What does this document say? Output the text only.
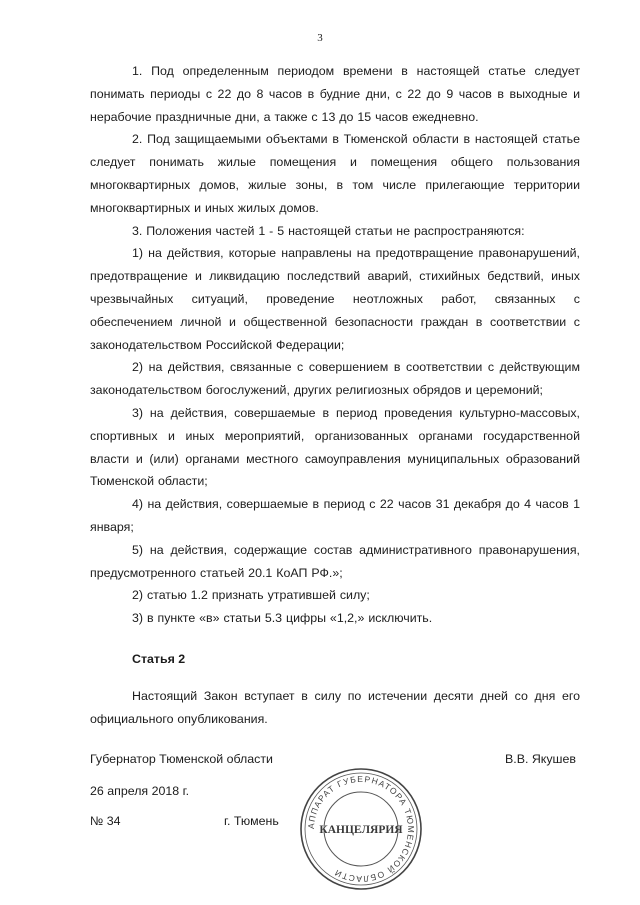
3

1. Под определенным периодом времени в настоящей статье следует понимать периоды с 22 до 8 часов в будние дни, с 22 до 9 часов в выходные и нерабочие праздничные дни, а также с 13 до 15 часов ежедневно.

2. Под защищаемыми объектами в Тюменской области в настоящей статье следует понимать жилые помещения и помещения общего пользования многоквартирных домов, жилые зоны, в том числе прилегающие территории многоквартирных и иных жилых домов.

3. Положения частей 1 - 5 настоящей статьи не распространяются:

1) на действия, которые направлены на предотвращение правонарушений, предотвращение и ликвидацию последствий аварий, стихийных бедствий, иных чрезвычайных ситуаций, проведение неотложных работ, связанных с обеспечением личной и общественной безопасности граждан в соответствии с законодательством Российской Федерации;

2) на действия, связанные с совершением в соответствии с действующим законодательством богослужений, других религиозных обрядов и церемоний;

3) на действия, совершаемые в период проведения культурно-массовых, спортивных и иных мероприятий, организованных органами государственной власти и (или) органами местного самоуправления муниципальных образований Тюменской области;

4) на действия, совершаемые в период с 22 часов 31 декабря до 4 часов 1 января;

5) на действия, содержащие состав административного правонарушения, предусмотренного статьей 20.1 КоАП РФ.»;

2) статью 1.2 признать утратившей силу;

3) в пункте «в» статьи 5.3 цифры «1,2,» исключить.

Статья 2

Настоящий Закон вступает в силу по истечении десяти дней со дня его официального опубликования.

Губернатор Тюменской области	В.В. Якушев
26 апреля 2018 г.
№ 34	г. Тюмень	АППАРАТ ГУБЕРНАТОРА ТЮМЕНСКОЙ ОБЛАСТИ
КАНЦЕЛЯРИЯ
